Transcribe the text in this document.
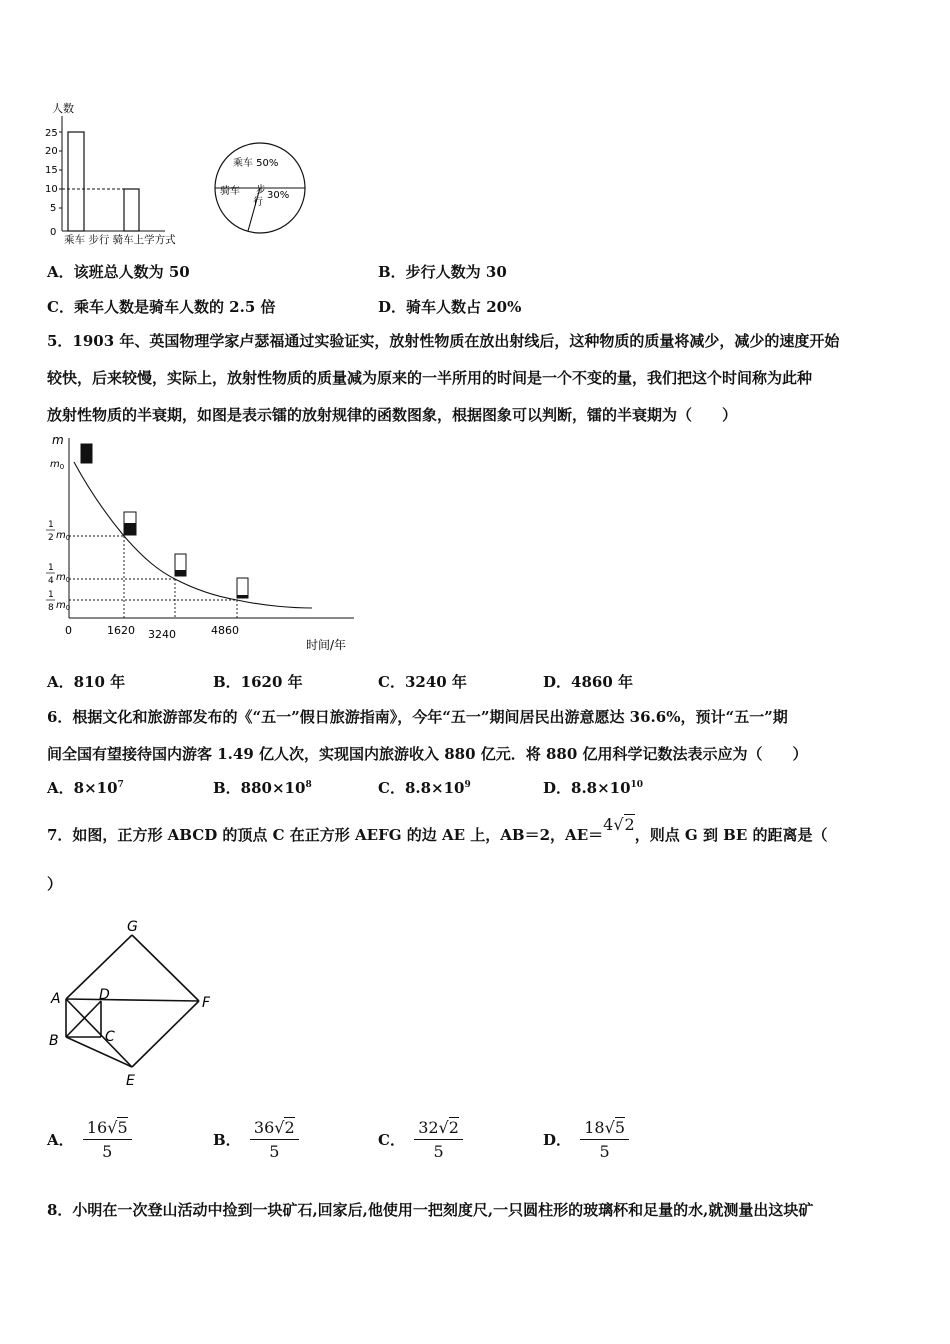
人数
25
20
15
10
5
0
乘车 步行 骑车上学方式
乘车 50%
骑车 步
行
30%
A．该班总人数为 50	B．步行人数为 30
C．乘车人数是骑车人数的 2.5 倍	D．骑车人数占 20%
5．1903 年、英国物理学家卢瑟福通过实验证实，放射性物质在放出射线后，这种物质的质量将减少，减少的速度开始
较快，后来较慢，实际上，放射性物质的质量减为原来的一半所用的时间是一个不变的量，我们把这个时间称为此种
放射性物质的半衰期，如图是表示镭的放射规律的函数图象，根据图象可以判断，镭的半衰期为（　　）
m
$m_0$
1
2 $m_0$
1
4 $m_0$
1
8 $m_0$
0	1620 3240	4860
时间/年
A．810 年	B．1620 年	C．3240 年	D．4860 年
6．根据文化和旅游部发布的《“五一”假日旅游指南》，今年“五一”期间居民出游意愿达 36.6%，预计“五一”期
间全国有望接待国内游客 1.49 亿人次，实现国内旅游收入 880 亿元．将 880 亿用科学记数法表示应为（　　）
A．$8\times 10^7$	B．$880\times 10^8$	C．$8.8\times 10^9$	D．$8.8\times 10^{10}$
7．如图，正方形 ABCD 的顶点 C 在正方形 AEFG 的边 AE 上，AB＝2，AE＝4√2，则点 G 到 BE 的距离是（
）
G
A	D	F
B	C
E
A． $\frac{16√5}{5}$	B． $\frac{36√2}{5}$	C． $\frac{32√2}{5}$	D． $\frac{18√5}{5}$
8．小明在一次登山活动中捡到一块矿石,回家后,他使用一把刻度尺,一只圆柱形的玻璃杯和足量的水,就测量出这块矿
